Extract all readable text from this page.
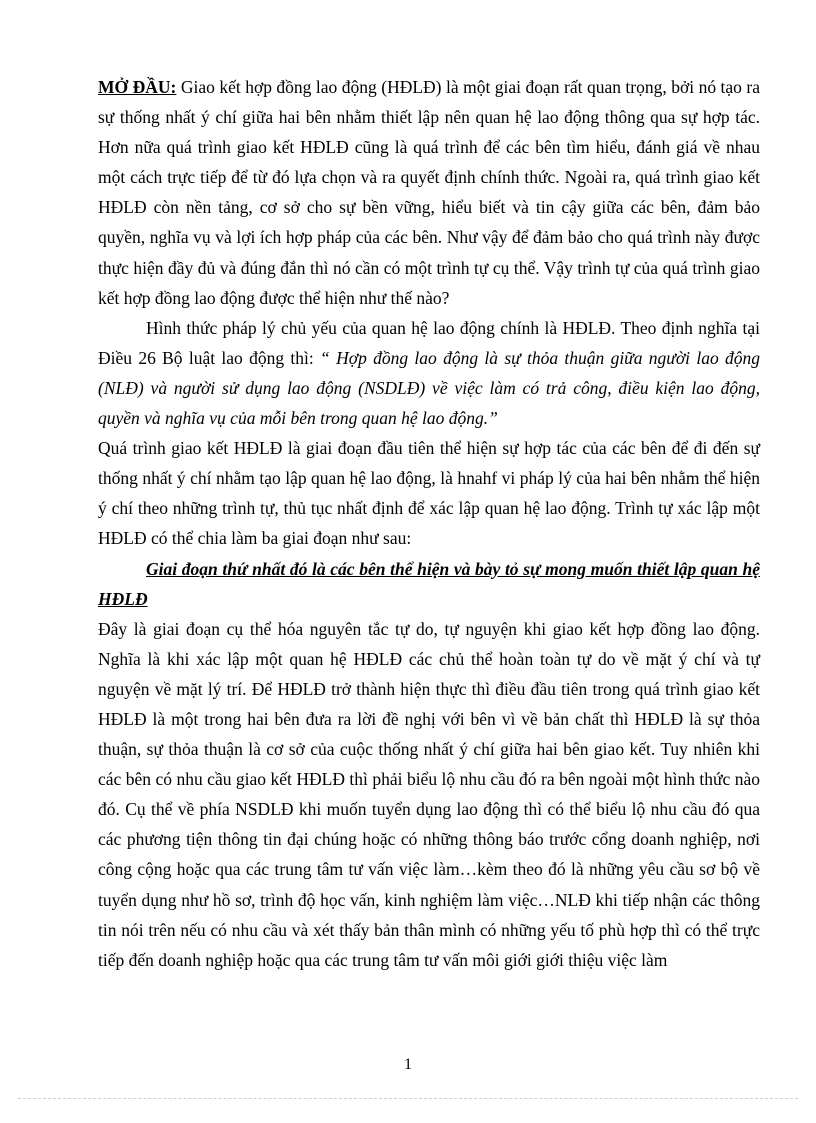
MỞ ĐẦU: Giao kết hợp đồng lao động (HĐLĐ) là một giai đoạn rất quan trọng, bởi nó tạo ra sự thống nhất ý chí giữa hai bên nhằm thiết lập nên quan hệ lao động thông qua sự hợp tác. Hơn nữa quá trình giao kết HĐLĐ cũng là quá trình để các bên tìm hiểu, đánh giá về nhau một cách trực tiếp để từ đó lựa chọn và ra quyết định chính thức. Ngoài ra, quá trình giao kết HĐLĐ còn nền tảng, cơ sở cho sự bền vững, hiểu biết và tin cậy giữa các bên, đảm bảo quyền, nghĩa vụ và lợi ích hợp pháp của các bên. Như vậy để đảm bảo cho quá trình này được thực hiện đầy đủ và đúng đắn thì nó cần có một trình tự cụ thể. Vậy trình tự của quá trình giao kết hợp đồng lao động được thể hiện như thế nào?

Hình thức pháp lý chủ yếu của quan hệ lao động chính là HĐLĐ. Theo định nghĩa tại Điều 26 Bộ luật lao động thì: “ Hợp đồng lao động là sự thỏa thuận giữa người lao động (NLĐ) và người sử dụng lao động (NSDLĐ) về việc làm có trả công, điều kiện lao động, quyền và nghĩa vụ của mỗi bên trong quan hệ lao động.”

Quá trình giao kết HĐLĐ là giai đoạn đầu tiên thể hiện sự hợp tác của các bên để đi đến sự thống nhất ý chí nhằm tạo lập quan hệ lao động, là hnahf vi pháp lý của hai bên nhằm thể hiện ý chí theo những trình tự, thủ tục nhất định để xác lập quan hệ lao động. Trình tự xác lập một HĐLĐ có thể chia làm ba giai đoạn như sau:

Giai đoạn thứ nhất đó là các bên thể hiện và bày tỏ sự mong muốn thiết lập quan hệ HĐLĐ

Đây là giai đoạn cụ thể hóa nguyên tắc tự do, tự nguyện khi giao kết hợp đồng lao động. Nghĩa là khi xác lập một quan hệ HĐLĐ các chủ thể hoàn toàn tự do về mặt ý chí và tự nguyện về mặt lý trí. Để HĐLĐ trở thành hiện thực thì điều đầu tiên trong quá trình giao kết HĐLĐ là một trong hai bên đưa ra lời đề nghị với bên vì về bản chất thì HĐLĐ là sự thỏa thuận, sự thỏa thuận là cơ sở của cuộc thống nhất ý chí giữa hai bên giao kết. Tuy nhiên khi các bên có nhu cầu giao kết HĐLĐ thì phải biểu lộ nhu cầu đó ra bên ngoài một hình thức nào đó. Cụ thể về phía NSDLĐ khi muốn tuyển dụng lao động thì có thể biểu lộ nhu cầu đó qua các phương tiện thông tin đại chúng hoặc có những thông báo trước cổng doanh nghiệp, nơi công cộng hoặc qua các trung tâm tư vấn việc làm…kèm theo đó là những yêu cầu sơ bộ về tuyển dụng như hồ sơ, trình độ học vấn, kinh nghiệm làm việc…NLĐ khi tiếp nhận các thông tin nói trên nếu có nhu cầu và xét thấy bản thân mình có những yếu tố phù hợp thì có thể trực tiếp đến doanh nghiệp hoặc qua các trung tâm tư vấn môi giới giới thiệu việc làm

1
